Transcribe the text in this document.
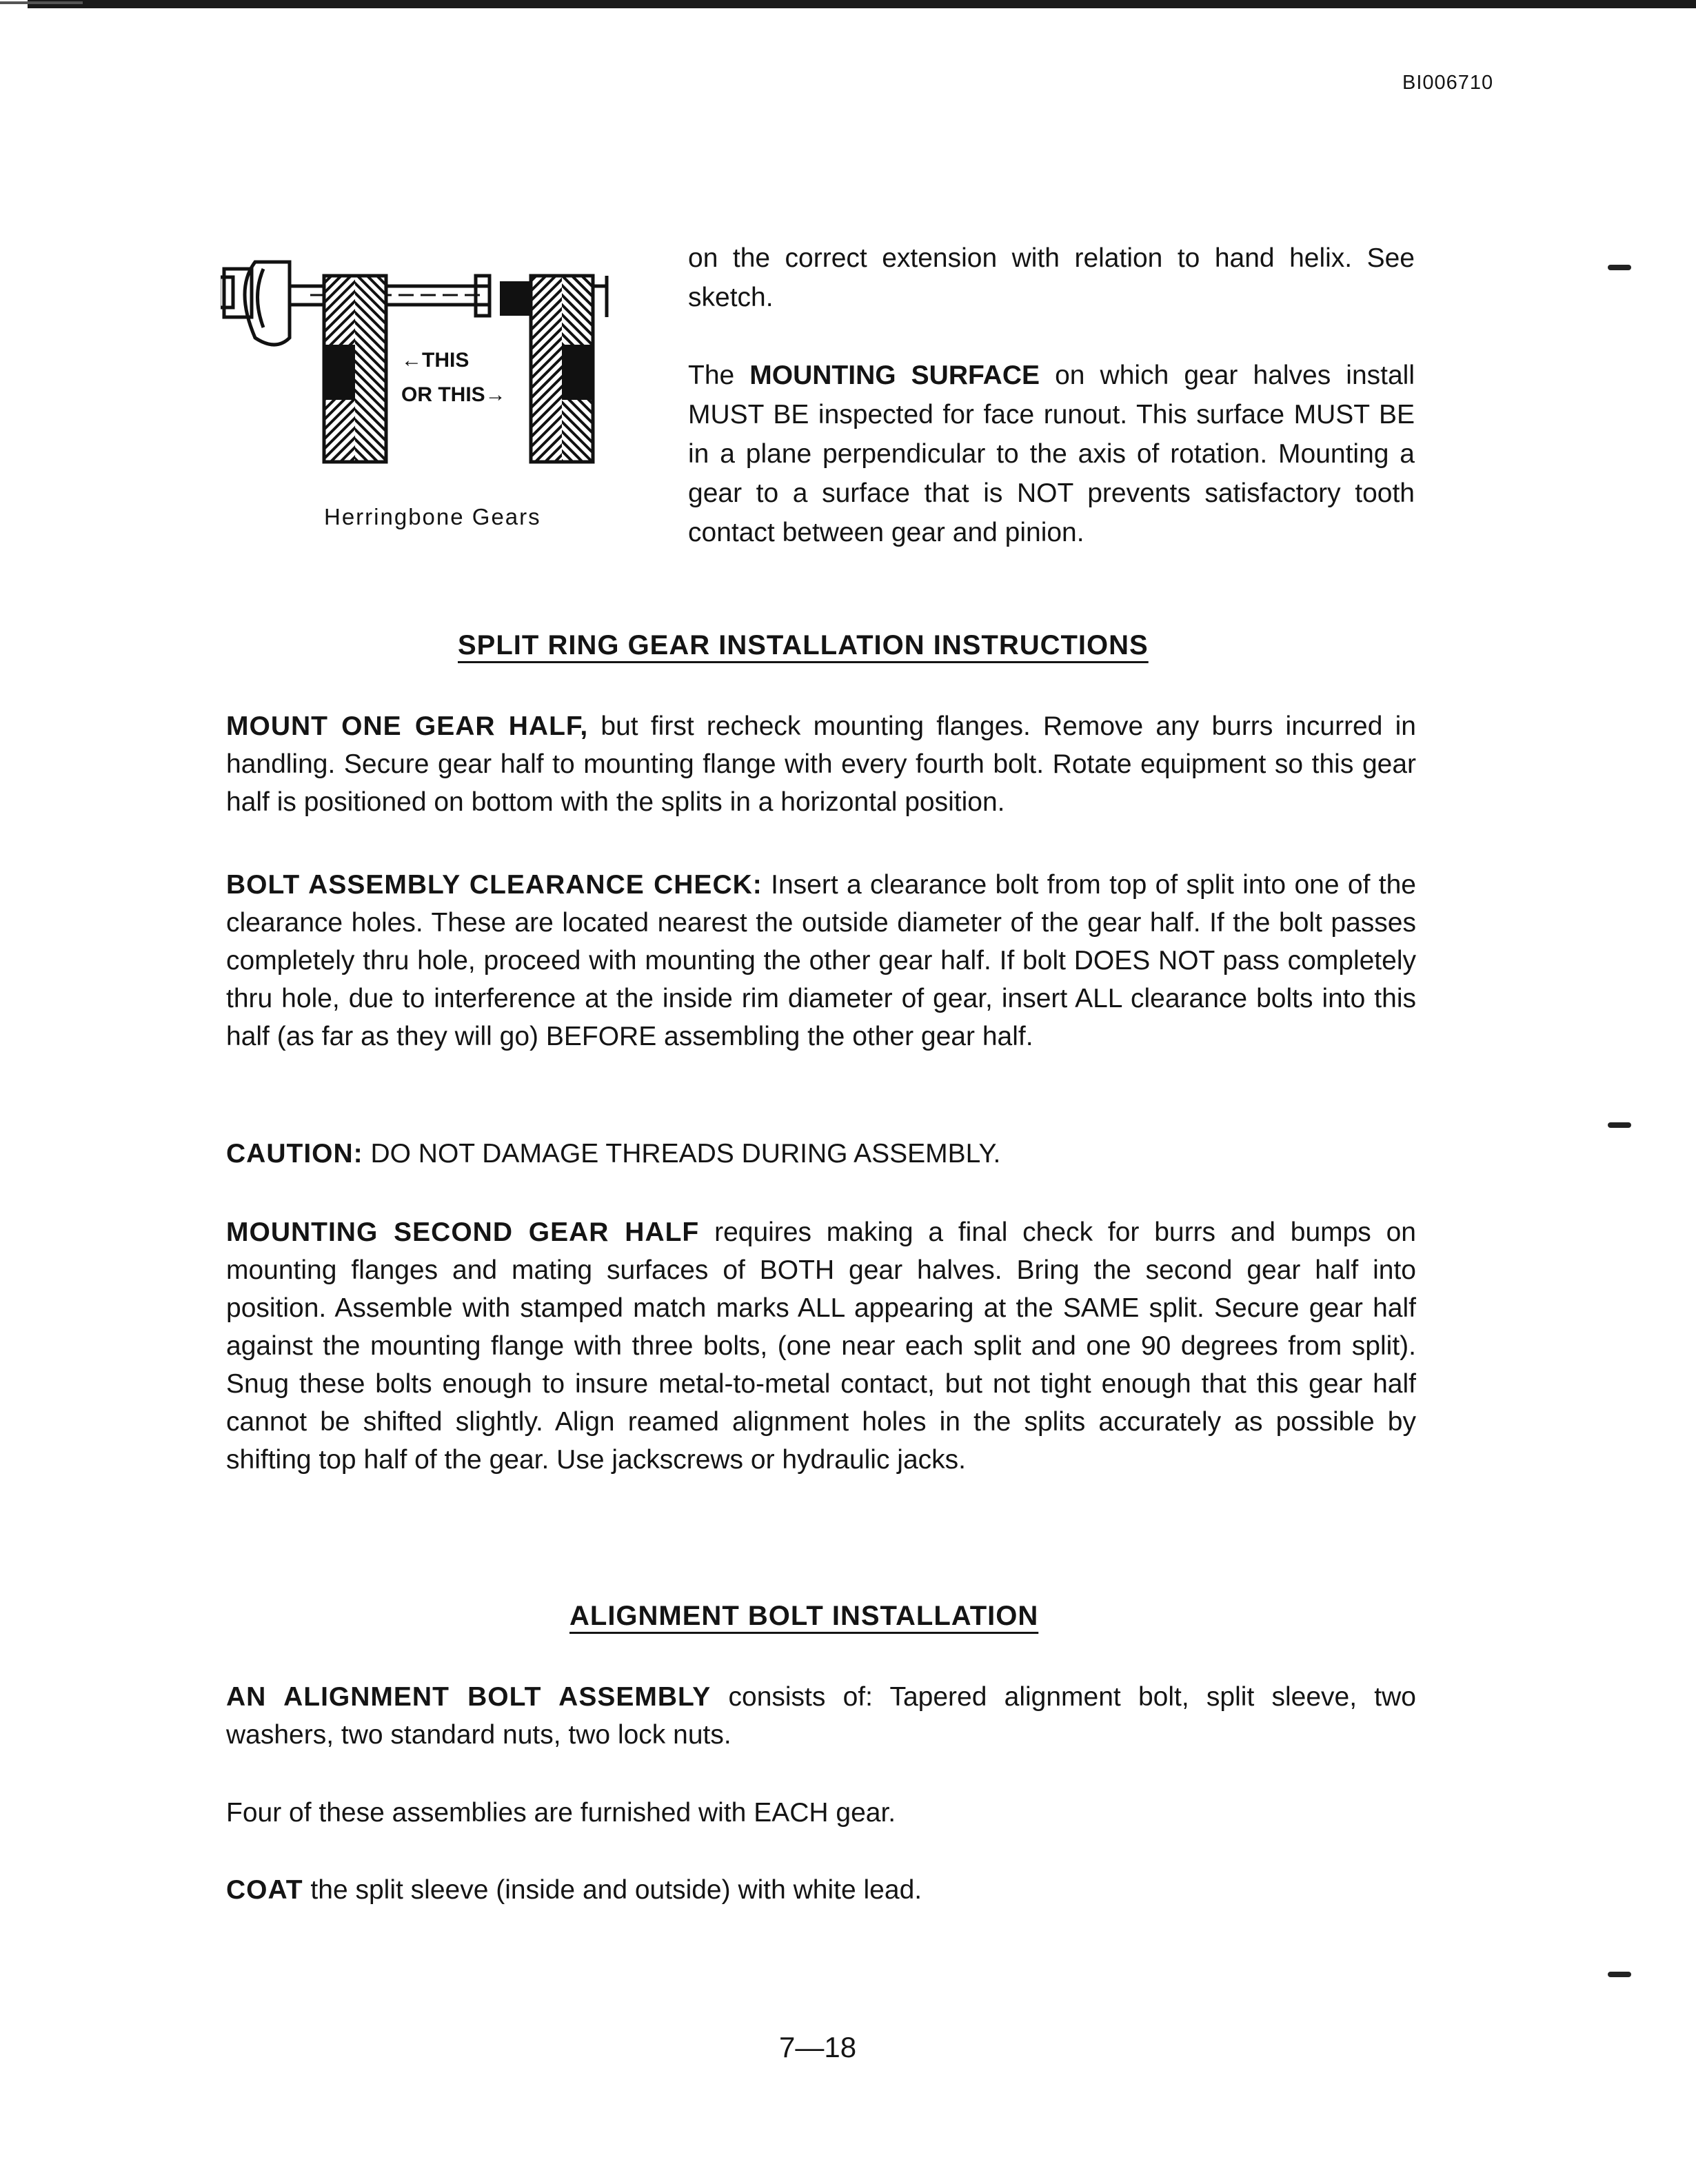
BI006710
←THIS
OR THIS→
Herringbone Gears

on the correct extension with relation to hand helix. See sketch.

The MOUNTING SURFACE on which gear halves install MUST BE inspected for face runout. This surface MUST BE in a plane perpendicular to the axis of rotation. Mounting a gear to a surface that is NOT prevents satisfactory tooth contact between gear and pinion.

SPLIT RING GEAR INSTALLATION INSTRUCTIONS

MOUNT ONE GEAR HALF, but first recheck mounting flanges. Remove any burrs incurred in handling. Secure gear half to mounting flange with every fourth bolt. Rotate equipment so this gear half is positioned on bottom with the splits in a horizontal position.

BOLT ASSEMBLY CLEARANCE CHECK: Insert a clearance bolt from top of split into one of the clearance holes. These are located nearest the outside diameter of the gear half. If the bolt passes completely thru hole, proceed with mounting the other gear half. If bolt DOES NOT pass completely thru hole, due to interference at the inside rim diameter of gear, insert ALL clearance bolts into this half (as far as they will go) BEFORE assembling the other gear half.

CAUTION: DO NOT DAMAGE THREADS DURING ASSEMBLY.

MOUNTING SECOND GEAR HALF requires making a final check for burrs and bumps on mounting flanges and mating surfaces of BOTH gear halves. Bring the second gear half into position. Assemble with stamped match marks ALL appearing at the SAME split. Secure gear half against the mounting flange with three bolts, (one near each split and one 90 degrees from split). Snug these bolts enough to insure metal-to-metal contact, but not tight enough that this gear half cannot be shifted slightly. Align reamed alignment holes in the splits accurately as possible by shifting top half of the gear. Use jackscrews or hydraulic jacks.

ALIGNMENT BOLT INSTALLATION

AN ALIGNMENT BOLT ASSEMBLY consists of: Tapered alignment bolt, split sleeve, two washers, two standard nuts, two lock nuts.

Four of these assemblies are furnished with EACH gear.

COAT the split sleeve (inside and outside) with white lead.

7—18
